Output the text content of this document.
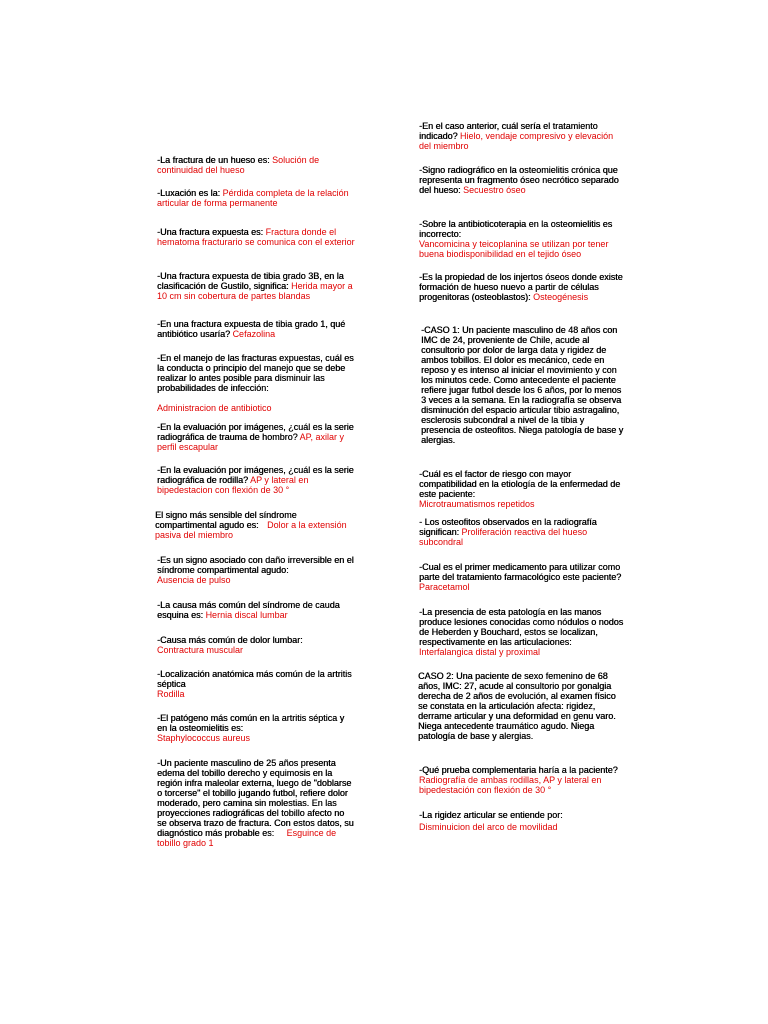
-La fractura de un hueso es: Solución de continuidad del hueso
-Luxación es la: Pérdida completa de la relación articular de forma permanente
-Una fractura expuesta es: Fractura donde el hematoma fracturario se comunica con el exterior
-Una fractura expuesta de tibia grado 3B, en la clasificación de Gustilo, significa: Herida mayor a 10 cm sin cobertura de partes blandas
-En una fractura expuesta de tibia grado 1, qué antibiótico usaría? Cefazolina
-En el manejo de las fracturas expuestas, cuál es la conducta o principio del manejo que se debe realizar lo antes posible para disminuir las probabilidades de infección:
Administracion de antibiotico
-En la evaluación por imágenes, ¿cuál es la serie radiográfica de trauma de hombro? AP, axilar y perfil escapular
-En la evaluación por imágenes, ¿cuál es la serie radiográfica de rodilla? AP y lateral en bipedestacion con flexión de 30 °
El signo más sensible del síndrome compartimental agudo es: Dolor a la extensión pasiva del miembro
-Es un signo asociado con daño irreversible en el síndrome compartimental agudo:
Ausencia de pulso
-La causa más común del síndrome de cauda esquina es: Hernia discal lumbar
-Causa más común de dolor lumbar:
Contractura muscular
-Localización anatómica más común de la artritis séptica
Rodilla
-El patógeno más común en la artritis séptica y en la osteomielitis es:
Staphylococcus aureus
-Un paciente masculino de 25 años presenta edema del tobillo derecho y equimosis en la región infra maleolar externa, luego de "doblarse o torcerse" el tobillo jugando futbol, refiere dolor moderado, pero camina sin molestias. En las proyecciones radiográficas del tobillo afecto no se observa trazo de fractura. Con estos datos, su diagnóstico más probable es: Esguince de tobillo grado 1
-En el caso anterior, cuál sería el tratamiento indicado? Hielo, vendaje compresivo y elevación del miembro
-Signo radiográfico en la osteomielitis crónica que representa un fragmento óseo necrótico separado del hueso: Secuestro óseo
-Sobre la antibioticoterapia en la osteomielitis es incorrecto:
Vancomicina y teicoplanina se utilizan por tener buena biodisponibilidad en el tejido óseo
-Es la propiedad de los injertos óseos donde existe formación de hueso nuevo a partir de células progenitoras (osteoblastos): Osteogénesis
-CASO 1: Un paciente masculino de 48 años con IMC de 24, proveniente de Chile, acude al consultorio por dolor de larga data y rigidez de ambos tobillos. El dolor es mecánico, cede en reposo y es intenso al iniciar el movimiento y con los minutos cede. Como antecedente el paciente refiere jugar futbol desde los 6 años, por lo menos 3 veces a la semana. En la radiografía se observa disminución del espacio articular tibio astragalino, esclerosis subcondral a nivel de la tibia y presencia de osteofitos. Niega patología de base y alergias.
-Cuál es el factor de riesgo con mayor compatibilidad en la etiología de la enfermedad de este paciente:
Microtraumatismos repetidos
- Los osteofitos observados en la radiografía significan: Proliferación reactiva del hueso subcondral
-Cual es el primer medicamento para utilizar como parte del tratamiento farmacológico este paciente? Paracetamol
-La presencia de esta patología en las manos produce lesiones conocidas como nódulos o nodos de Heberden y Bouchard, estos se localizan, respectivamente en las articulaciones: Interfalangica distal y proximal
CASO 2: Una paciente de sexo femenino de 68 años, IMC: 27, acude al consultorio por gonalgia derecha de 2 años de evolución, al examen físico se constata en la articulación afecta: rigidez, derrame articular y una deformidad en genu varo.
Niega antecedente traumático agudo. Niega patología de base y alergias.
-Qué prueba complementaria haría a la paciente? Radiografía de ambas rodillas, AP y lateral en bipedestación con flexión de 30 °
-La rigidez articular se entiende por:
Disminuicion del arco de movilidad
